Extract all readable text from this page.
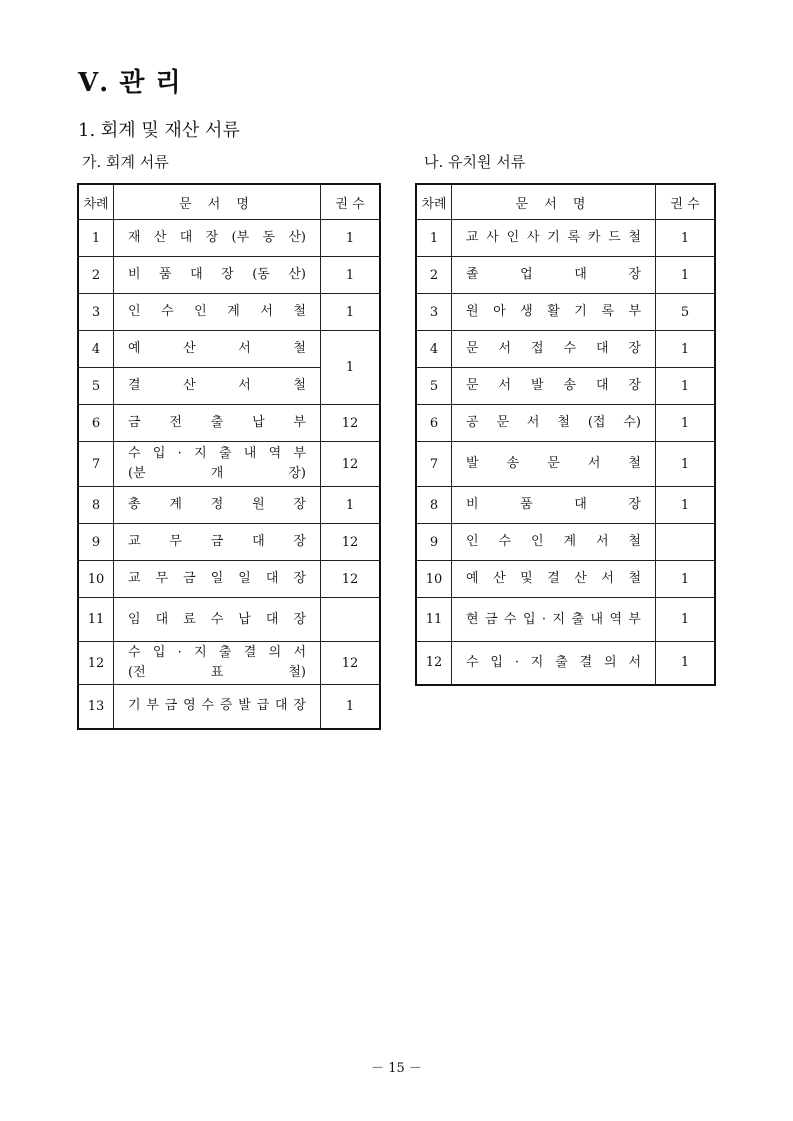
Ⅴ. 관 리
1. 회계 및 재산 서류
가. 회계 서류	나. 유치원 서류
차례	문 서 명	권 수
1	재 산 대 장 (부 동 산)	1
2	비 품 대 장 (동 산)	1
3	인 수 인 계 서 철	1
4	예 산 서 철	1
5	결 산 서 철	

6	금 전 출 납 부	12
7	수 입 · 지 출 내 역 부
(분 개 장)	12
8	총 계 정 원 장	1
9	교 무 금 대 장	12
10	교 무 금 일 일 대 장	12
11	임 대 료 수 납 대 장	

12	수 입 · 지 출 결 의 서
(전 표 철)	12
13	기 부 금 영 수 증 발 급 대 장	1
차례	문 서 명	권 수
1	교 사 인 사 기 록 카 드 철	1
2	졸 업 대 장	1
3	원 아 생 활 기 록 부	5
4	문 서 접 수 대 장	1
5	문 서 발 송 대 장	1
6	공 문 서 철 (접 수)	1
7	발 송 문 서 철	1
8	비 품 대 장	1
9	인 수 인 계 서 철	

10	예 산 및 결 산 서 철	1
11	현 금 수 입 · 지 출 내 역 부	1
12	수 입 · 지 출 결 의 서	1
－ 15 －
